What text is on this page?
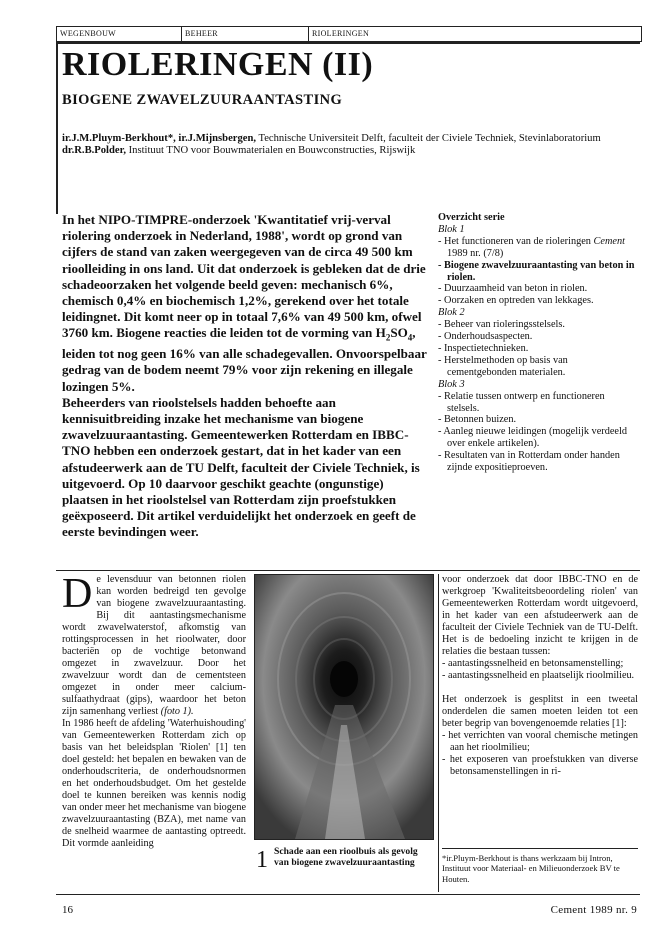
WEGENBOUW	BEHEER	RIOLERINGEN
RIOLERINGEN (II)
BIOGENE ZWAVELZUURAANTASTING
ir.J.M.Pluym-Berkhout*, ir.J.Mijnsbergen, Technische Universiteit Delft, faculteit der Civiele Techniek, Stevinlaboratorium
dr.R.B.Polder, Instituut TNO voor Bouwmaterialen en Bouwconstructies, Rijswijk

In het NIPO-TIMPRE-onderzoek 'Kwantitatief vrij-verval riolering onderzoek in Nederland, 1988', wordt op grond van cijfers de stand van zaken weergegeven van de circa 49 500 km rioolleiding in ons land. Uit dat onderzoek is gebleken dat de drie schadeoorzaken het volgende beeld geven: mechanisch 6%, chemisch 0,4% en biochemisch 1,2%, gerekend over het totale leidingnet. Dit komt neer op in totaal 7,6% van 49 500 km, ofwel 3760 km. Biogene reacties die leiden tot de vorming van $H_2SO_4$, leiden tot nog geen 16% van alle schadegevallen. Onvoorspelbaar gedrag van de bodem neemt 79% voor zijn rekening en illegale lozingen 5%.

Beheerders van rioolstelsels hadden behoefte aan kennisuitbreiding inzake het mechanisme van biogene zwavelzuuraantasting. Gemeentewerken Rotterdam en IBBC-TNO hebben een onderzoek gestart, dat in het kader van een afstudeerwerk aan de TU Delft, faculteit der Civiele Techniek, is uitgevoerd. Op 10 daarvoor geschikt geachte (ongunstige) plaatsen in het rioolstelsel van Rotterdam zijn proefstukken geëxposeerd. Dit artikel verduidelijkt het onderzoek en geeft de eerste bevindingen weer.

Overzicht serie
Blok 1
- Het functioneren van de rioleringen Cement 1989 nr. (7/8)
- Biogene zwavelzuuraantasting van beton in riolen.
- Duurzaamheid van beton in riolen.
- Oorzaken en optreden van lekkages.
Blok 2
- Beheer van rioleringsstelsels.
- Onderhoudsaspecten.
- Inspectietechnieken.
- Herstelmethoden op basis van cementgebonden materialen.
Blok 3
- Relatie tussen ontwerp en functioneren stelsels.
- Betonnen buizen.
- Aanleg nieuwe leidingen (mogelijk verdeeld over enkele artikelen).
- Resultaten van in Rotterdam onder handen zijnde expositieproeven.

De levensduur van betonnen riolen kan worden bedreigd ten gevolge van biogene zwavelzuuraantasting. Bij dit aantastingsmechanisme wordt zwavelwaterstof, afkomstig van rottingsprocessen in het rioolwater, door bacteriën op de vochtige betonwand omgezet in zwavelzuur. Door het zwavelzuur wordt dan de cementsteen omgezet in onder meer calcium-sulfaathydraat (gips), waardoor het beton zijn samenhang verliest (foto 1).

In 1986 heeft de afdeling 'Waterhuishouding' van Gemeentewerken Rotterdam zich op basis van het beleidsplan 'Riolen' [1] ten doel gesteld: het bepalen en bewaken van de onderhoudscriteria, de onderhoudsnormen en het onderhoudsbudget. Om het gestelde doel te kunnen bereiken was kennis nodig van onder meer het mechanisme van biogene zwavelzuuraantasting (BZA), met name van de snelheid waarmee de aantasting optreedt. Dit vormde aanleiding

1 Schade aan een rioolbuis als gevolg van biogene zwavelzuuraantasting

voor onderzoek dat door IBBC-TNO en de werkgroep 'Kwaliteitsbeoordeling riolen' van Gemeentewerken Rotterdam wordt uitgevoerd, in het kader van een afstudeerwerk aan de faculteit der Civiele Techniek van de TU-Delft. Het is de bedoeling inzicht te krijgen in de relaties die bestaan tussen:

- aantastingssnelheid en betonsamenstelling;
- aantastingssnelheid en plaatselijk rioolmilieu.

Het onderzoek is gesplitst in een tweetal onderdelen die samen moeten leiden tot een beter begrip van bovengenoemde relaties [1]:

- het verrichten van vooral chemische metingen aan het rioolmilieu;
- het exposeren van proefstukken van diverse betonsamenstellingen in ri-
*ir.Pluym-Berkhout is thans werkzaam bij Intron, Instituut voor Materiaal- en Milieuonderzoek BV te Houten.
16	Cement 1989 nr. 9
